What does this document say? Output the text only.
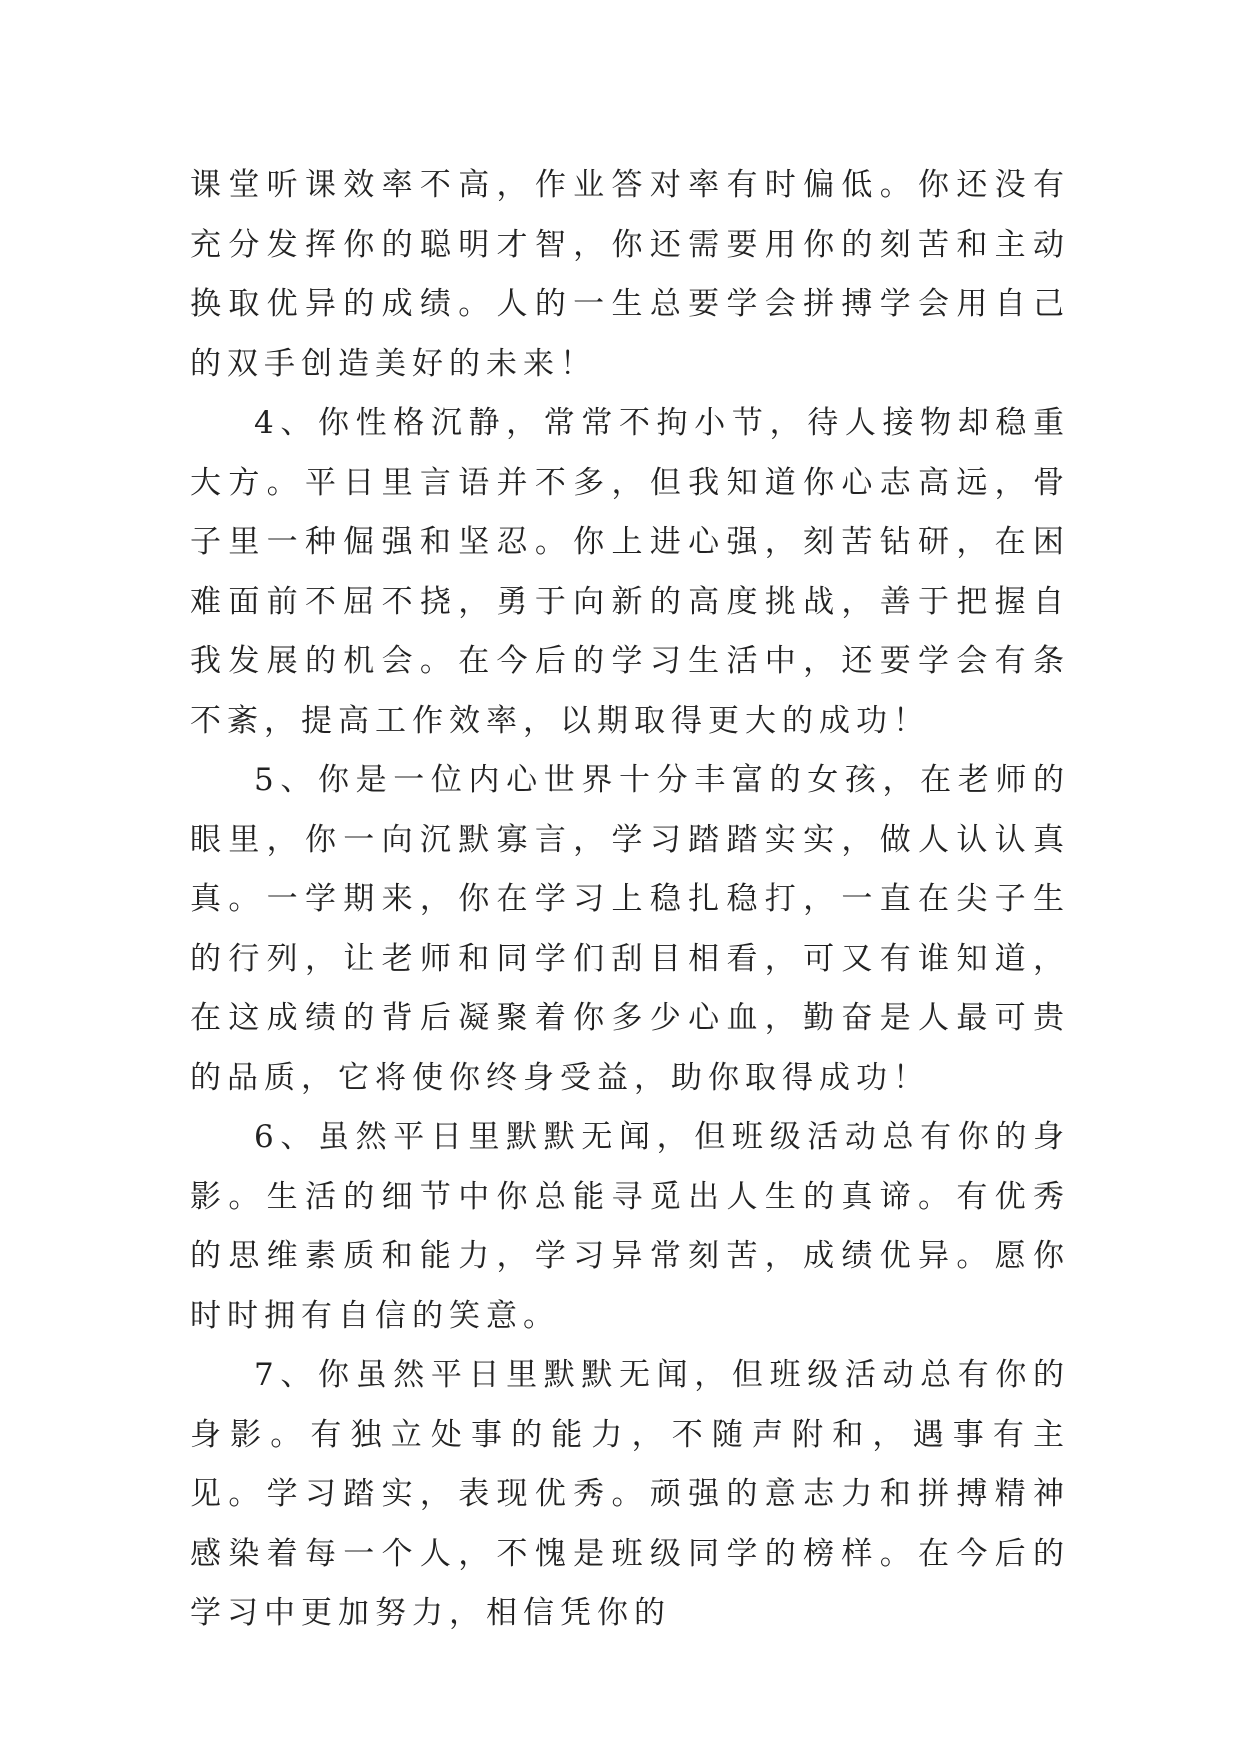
课堂听课效率不高，作业答对率有时偏低。你还没有充分发挥你的聪明才智，你还需要用你的刻苦和主动换取优异的成绩。人的一生总要学会拼搏学会用自己的双手创造美好的未来！

4、你性格沉静，常常不拘小节，待人接物却稳重大方。平日里言语并不多，但我知道你心志高远，骨子里一种倔强和坚忍。你上进心强，刻苦钻研，在困难面前不屈不挠，勇于向新的高度挑战，善于把握自我发展的机会。在今后的学习生活中，还要学会有条不紊，提高工作效率，以期取得更大的成功！

5、你是一位内心世界十分丰富的女孩，在老师的眼里，你一向沉默寡言，学习踏踏实实，做人认认真真。一学期来，你在学习上稳扎稳打，一直在尖子生的行列，让老师和同学们刮目相看，可又有谁知道，在这成绩的背后凝聚着你多少心血，勤奋是人最可贵的品质，它将使你终身受益，助你取得成功！

6、虽然平日里默默无闻，但班级活动总有你的身影。生活的细节中你总能寻觅出人生的真谛。有优秀的思维素质和能力，学习异常刻苦，成绩优异。愿你时时拥有自信的笑意。

7、你虽然平日里默默无闻，但班级活动总有你的身影。有独立处事的能力，不随声附和，遇事有主见。学习踏实，表现优秀。顽强的意志力和拼搏精神感染着每一个人，不愧是班级同学的榜样。在今后的学习中更加努力，相信凭你的
